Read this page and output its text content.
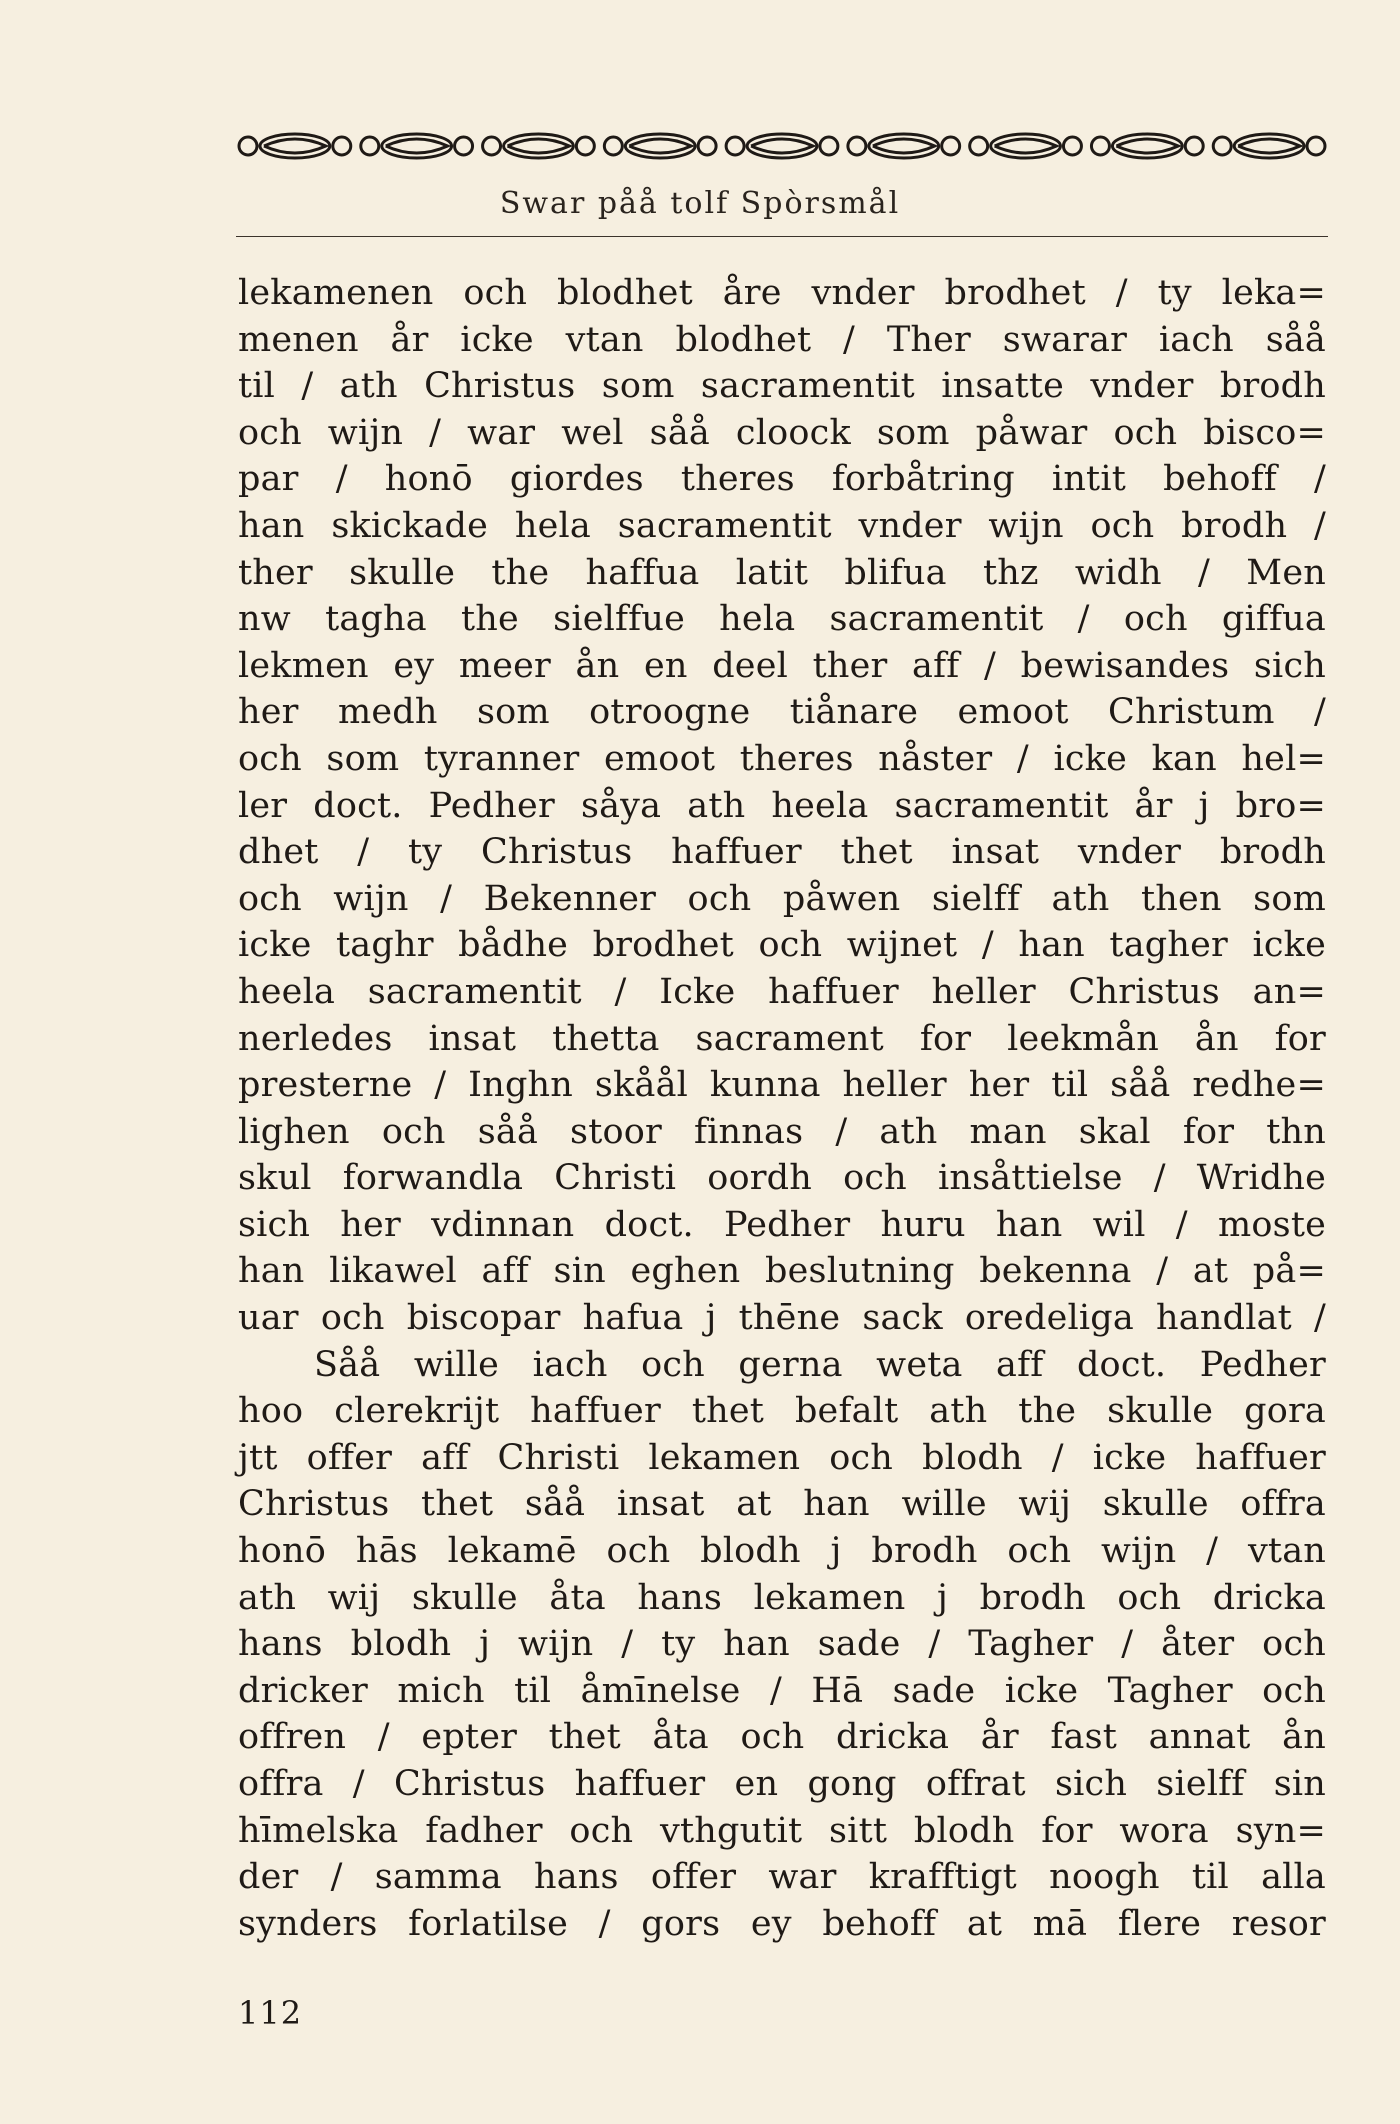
Swar påå tolf Spòrsmål
lekamenen och blodhet åre vnder brodhet / ty leka=
menen år icke vtan blodhet / Ther swarar iach såå
til / ath Christus som sacramentit insatte vnder brodh
och wijn / war wel såå cloock som påwar och bisco=
par / honō giordes theres forbåtring intit behoff /
han skickade hela sacramentit vnder wijn och brodh /
ther skulle the haffua latit blifua thz widh / Men
nw tagha the sielffue hela sacramentit / och giffua
lekmen ey meer ån en deel ther aff / bewisandes sich
her medh som otroogne tiånare emoot Christum /
och som tyranner emoot theres nåster / icke kan hel=
ler doct. Pedher såya ath heela sacramentit år j bro=
dhet / ty Christus haffuer thet insat vnder brodh
och wijn / Bekenner och påwen sielff ath then som
icke taghr bådhe brodhet och wijnet / han tagher icke
heela sacramentit / Icke haffuer heller Christus an=
nerledes insat thetta sacrament for leekmån ån for
presterne / Inghn skåål kunna heller her til såå redhe=
lighen och såå stoor finnas / ath man skal for thn
skul forwandla Christi oordh och insåttielse / Wridhe
sich her vdinnan doct. Pedher huru han wil / moste
han likawel aff sin eghen beslutning bekenna / at på=
uar och biscopar hafua j thēne sack oredeliga handlat /
Såå wille iach och gerna weta aff doct. Pedher
hoo clerekrijt haffuer thet befalt ath the skulle gora
jtt offer aff Christi lekamen och blodh / icke haffuer
Christus thet såå insat at han wille wij skulle offra
honō hās lekamē och blodh j brodh och wijn / vtan
ath wij skulle åta hans lekamen j brodh och dricka
hans blodh j wijn / ty han sade / Tagher / åter och
dricker mich til åmīnelse / Hā sade icke Tagher och
offren / epter thet åta och dricka år fast annat ån
offra / Christus haffuer en gong offrat sich sielff sin
hīmelska fadher och vthgutit sitt blodh for wora syn=
der / samma hans offer war krafftigt noogh til alla
synders forlatilse / gors ey behoff at mā flere resor
112
